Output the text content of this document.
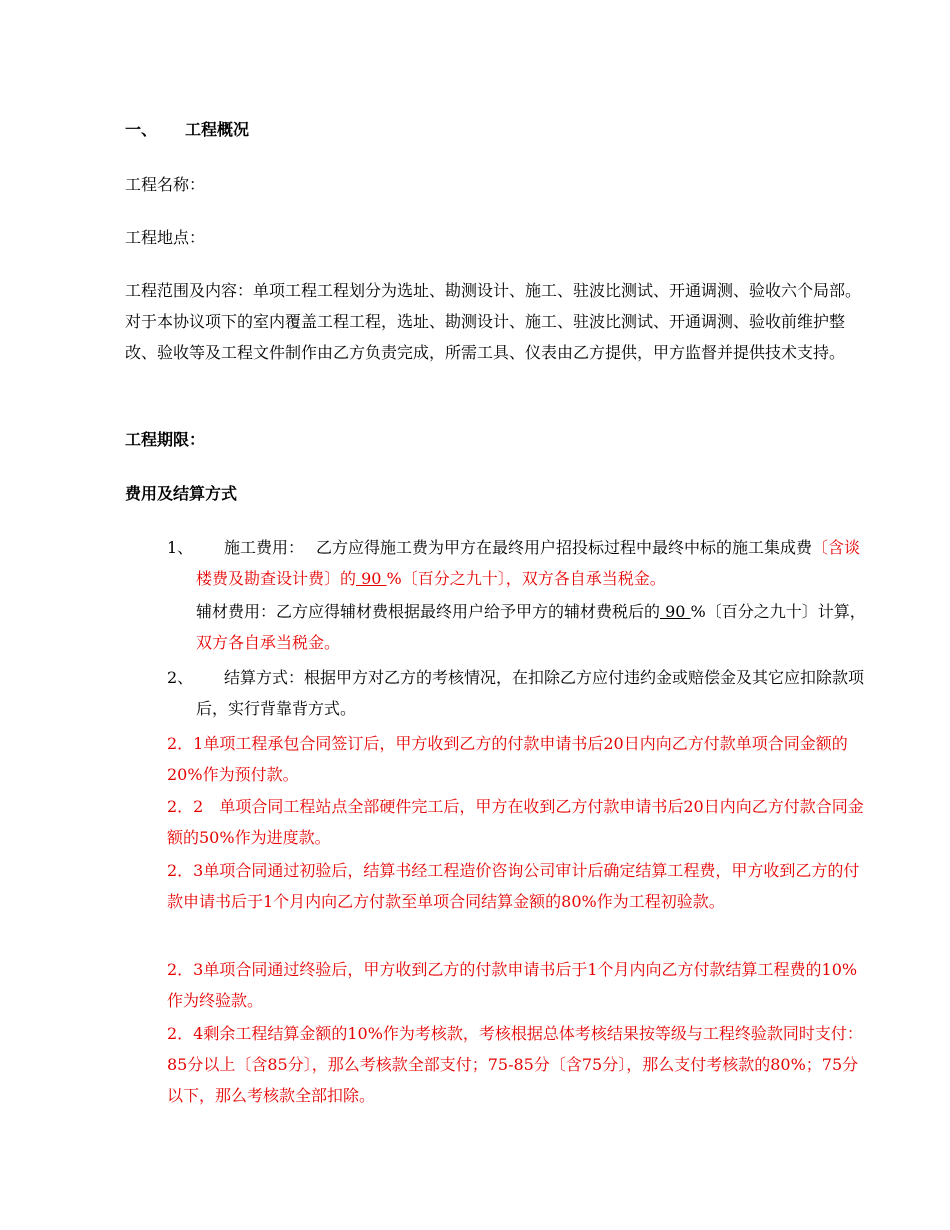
一、 工程概况

工程名称：

工程地点：

工程范围及内容：单项工程工程划分为选址、勘测设计、施工、驻波比测试、开通调测、验收六个局部。对于本协议项下的室内覆盖工程工程，选址、勘测设计、施工、驻波比测试、开通调测、验收前维护整改、验收等及工程文件制作由乙方负责完成，所需工具、仪表由乙方提供，甲方监督并提供技术支持。

工程期限：

费用及结算方式

1、	施工费用： 乙方应得施工费为甲方在最终用户招投标过程中最终中标的施工集成费〔含谈楼费及勘查设计费〕的 90 %〔百分之九十〕，双方各自承当税金。

辅材费用：乙方应得辅材费根据最终用户给予甲方的辅材费税后的 90 %〔百分之九十〕计算，双方各自承当税金。

2、	结算方式：根据甲方对乙方的考核情况，在扣除乙方应付违约金或赔偿金及其它应扣除款项后，实行背靠背方式。

2．1单项工程承包合同签订后，甲方收到乙方的付款申请书后20日内向乙方付款单项合同金额的20%作为预付款。

2．2　单项合同工程站点全部硬件完工后，甲方在收到乙方付款申请书后20日内向乙方付款合同金额的50%作为进度款。

2．3单项合同通过初验后，结算书经工程造价咨询公司审计后确定结算工程费，甲方收到乙方的付款申请书后于1个月内向乙方付款至单项合同结算金额的80%作为工程初验款。

2．3单项合同通过终验后，甲方收到乙方的付款申请书后于1个月内向乙方付款结算工程费的10%作为终验款。

2．4剩余工程结算金额的10%作为考核款，考核根据总体考核结果按等级与工程终验款同时支付：85分以上〔含85分〕，那么考核款全部支付；75-85分〔含75分〕，那么支付考核款的80%；75分以下，那么考核款全部扣除。
